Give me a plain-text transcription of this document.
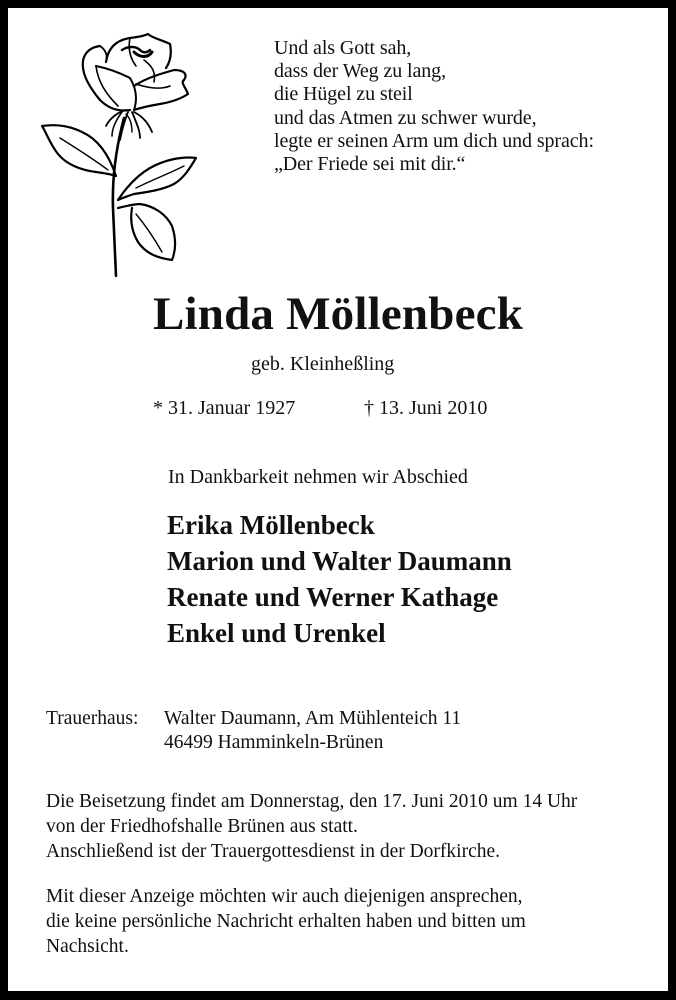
Und als Gott sah,
dass der Weg zu lang,
die Hügel zu steil
und das Atmen zu schwer wurde,
legte er seinen Arm um dich und sprach:
„Der Friede sei mit dir.“
Linda Möllenbeck
geb. Kleinheßling
* 31. Januar 1927	† 13. Juni 2010
In Dankbarkeit nehmen wir Abschied
Erika Möllenbeck
Marion und Walter Daumann
Renate und Werner Kathage
Enkel und Urenkel
Trauerhaus: Walter Daumann, Am Mühlenteich 11
46499 Hamminkeln-Brünen
Die Beisetzung findet am Donnerstag, den 17. Juni 2010 um 14 Uhr
von der Friedhofshalle Brünen aus statt.
Anschließend ist der Trauergottesdienst in der Dorfkirche.
Mit dieser Anzeige möchten wir auch diejenigen ansprechen,
die keine persönliche Nachricht erhalten haben und bitten um
Nachsicht.
